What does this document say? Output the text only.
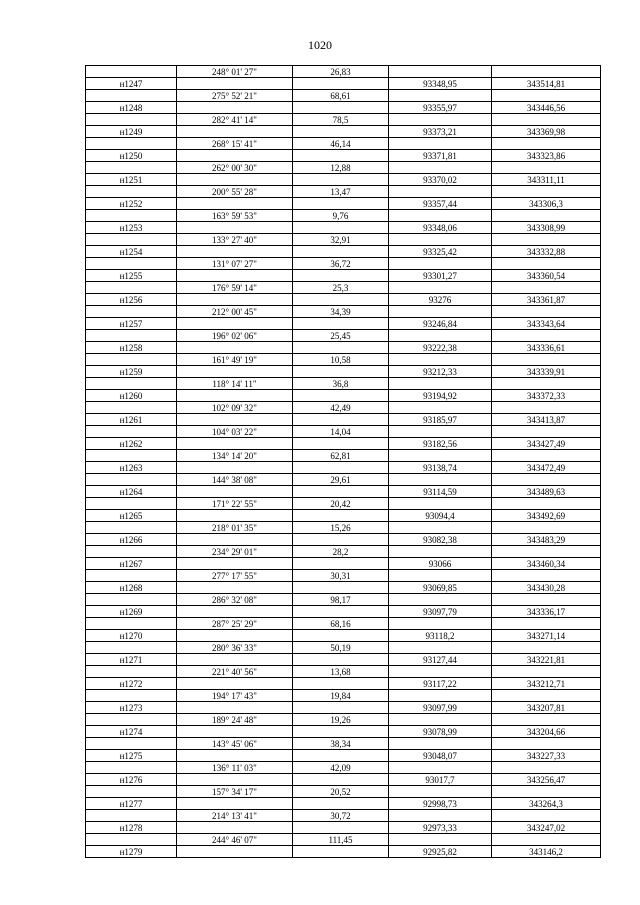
1020
	248° 01' 27"	26,83		
н1247			93348,95	343514,81
	275° 52' 21"	68,61		
н1248			93355,97	343446,56
	282° 41' 14"	78,5		
н1249			93373,21	343369,98
	268° 15' 41"	46,14		
н1250			93371,81	343323,86
	262° 00' 30"	12,88		
н1251			93370,02	343311,11
	200° 55' 28"	13,47		
н1252			93357,44	343306,3
	163° 59' 53"	9,76		
н1253			93348,06	343308,99
	133° 27' 40"	32,91		
н1254			93325,42	343332,88
	131° 07' 27"	36,72		
н1255			93301,27	343360,54
	176° 59' 14"	25,3		
н1256			93276	343361,87
	212° 00' 45"	34,39		
н1257			93246,84	343343,64
	196° 02' 06"	25,45		
н1258			93222,38	343336,61
	161° 49' 19"	10,58		
н1259			93212,33	343339,91
	118° 14' 11"	36,8		
н1260			93194,92	343372,33
	102° 09' 32"	42,49		
н1261			93185,97	343413,87
	104° 03' 22"	14,04		
н1262			93182,56	343427,49
	134° 14' 20"	62,81		
н1263			93138,74	343472,49
	144° 38' 08"	29,61		
н1264			93114,59	343489,63
	171° 22' 55"	20,42		
н1265			93094,4	343492,69
	218° 01' 35"	15,26		
н1266			93082,38	343483,29
	234° 29' 01"	28,2		
н1267			93066	343460,34
	277° 17' 55"	30,31		
н1268			93069,85	343430,28
	286° 32' 08"	98,17		
н1269			93097,79	343336,17
	287° 25' 29"	68,16		
н1270			93118,2	343271,14
	280° 36' 33"	50,19		
н1271			93127,44	343221,81
	221° 40' 56"	13,68		
н1272			93117,22	343212,71
	194° 17' 43"	19,84		
н1273			93097,99	343207,81
	189° 24' 48"	19,26		
н1274			93078,99	343204,66
	143° 45' 06"	38,34		
н1275			93048,07	343227,33
	136° 11' 03"	42,09		
н1276			93017,7	343256,47
	157° 34' 17"	20,52		
н1277			92998,73	343264,3
	214° 13' 41"	30,72		
н1278			92973,33	343247,02
	244° 46' 07"	111,45		
н1279			92925,82	343146,2
